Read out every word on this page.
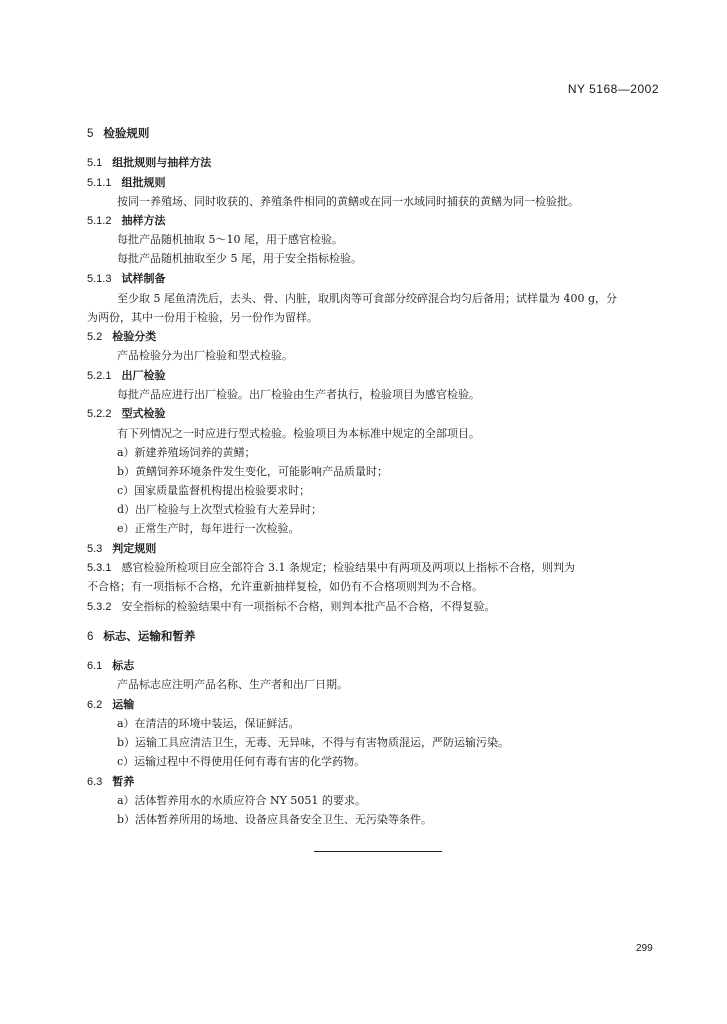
NY 5168—2002
5 检验规则
5.1 组批规则与抽样方法
5.1.1 组批规则
按同一养殖场、同时收获的、养殖条件相同的黄鳝或在同一水域同时捕获的黄鳝为同一检验批。
5.1.2 抽样方法
每批产品随机抽取 5～10 尾，用于感官检验。
每批产品随机抽取至少 5 尾，用于安全指标检验。
5.1.3 试样制备
至少取 5 尾鱼清洗后，去头、骨、内脏，取肌肉等可食部分绞碎混合均匀后备用；试样量为 400 g，分
为两份，其中一份用于检验，另一份作为留样。
5.2 检验分类
产品检验分为出厂检验和型式检验。
5.2.1 出厂检验
每批产品应进行出厂检验。出厂检验由生产者执行，检验项目为感官检验。
5.2.2 型式检验
有下列情况之一时应进行型式检验。检验项目为本标准中规定的全部项目。
a）新建养殖场饲养的黄鳝；
b）黄鳝饲养环境条件发生变化，可能影响产品质量时；
c）国家质量监督机构提出检验要求时；
d）出厂检验与上次型式检验有大差异时；
e）正常生产时，每年进行一次检验。
5.3 判定规则
5.3.1 感官检验所检项目应全部符合 3.1 条规定；检验结果中有两项及两项以上指标不合格，则判为
不合格；有一项指标不合格，允许重新抽样复检，如仍有不合格项则判为不合格。
5.3.2 安全指标的检验结果中有一项指标不合格，则判本批产品不合格，不得复验。
6 标志、运输和暂养
6.1 标志
产品标志应注明产品名称、生产者和出厂日期。
6.2 运输
a）在清洁的环境中装运，保证鲜活。
b）运输工具应清洁卫生，无毒、无异味，不得与有害物质混运，严防运输污染。
c）运输过程中不得使用任何有毒有害的化学药物。
6.3 暂养
a）活体暂养用水的水质应符合 NY 5051 的要求。
b）活体暂养所用的场地、设备应具备安全卫生、无污染等条件。
299
